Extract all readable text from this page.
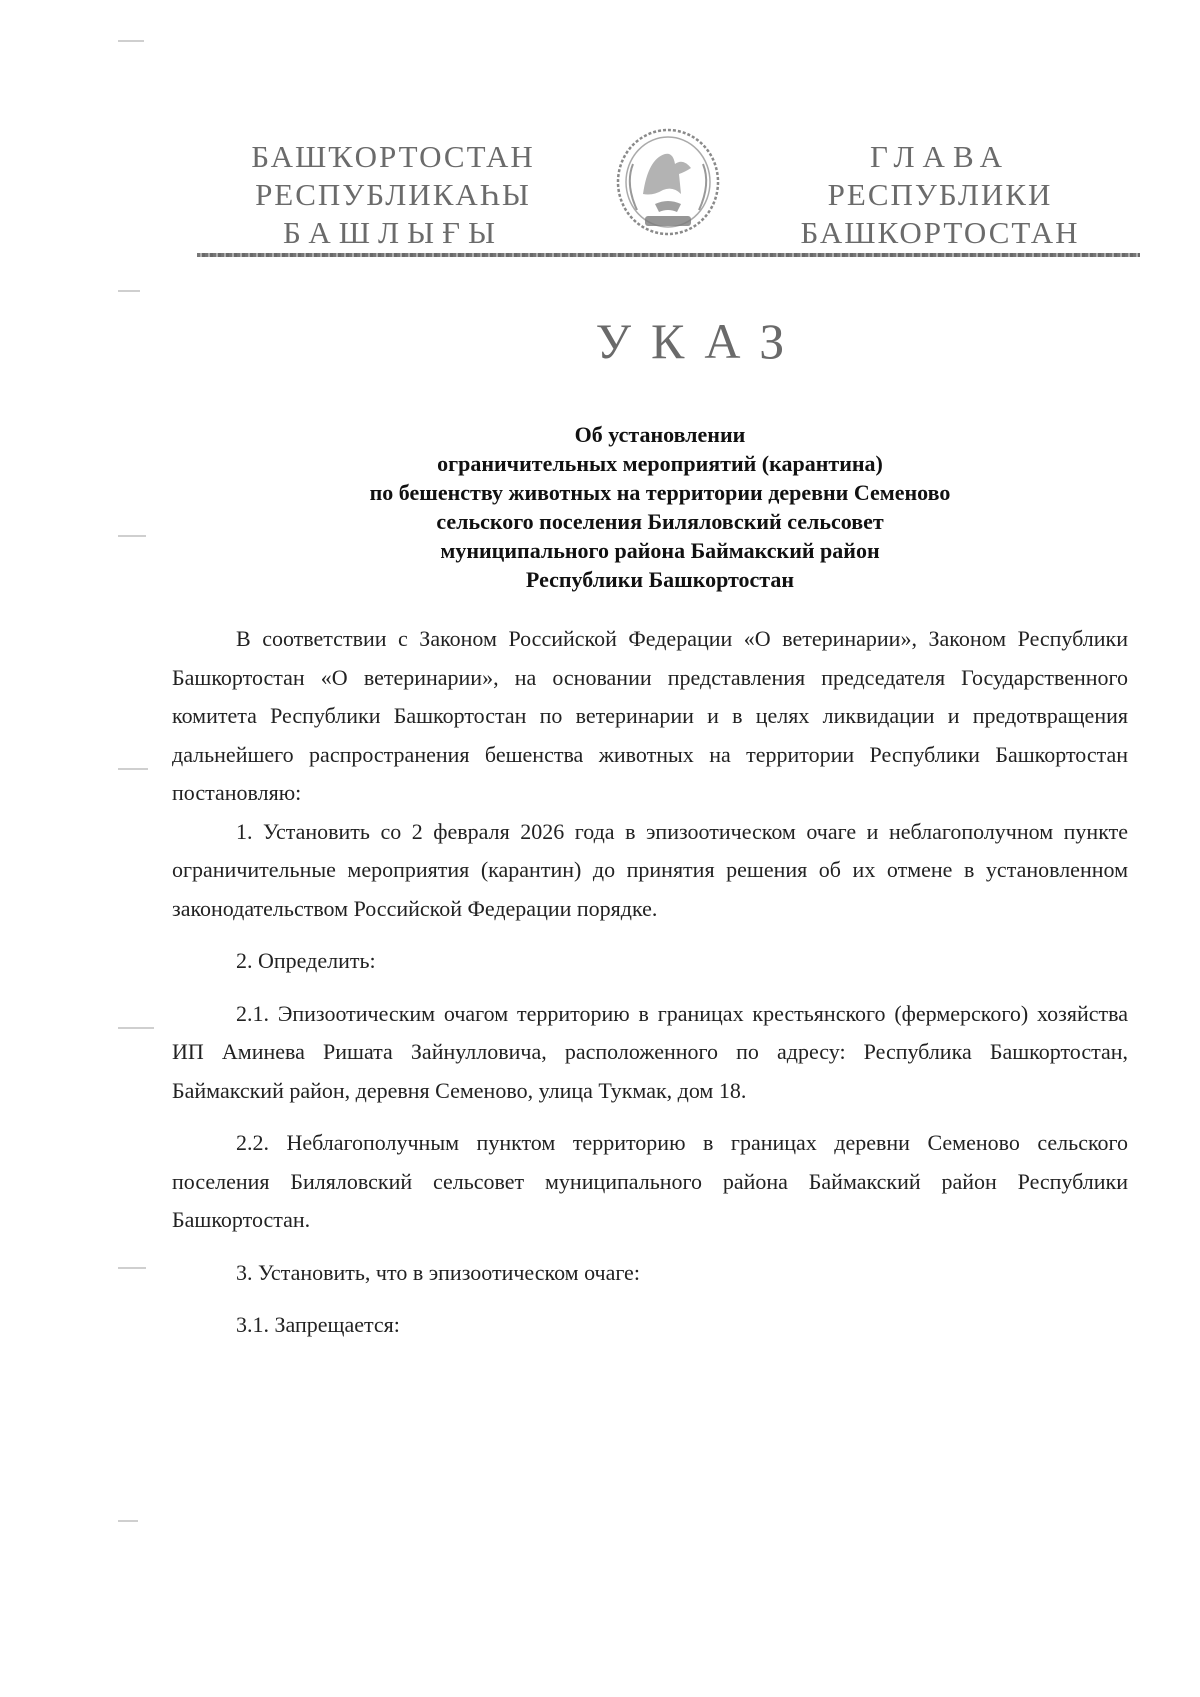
БАШҠОРТОСТАН
РЕСПУБЛИКАҺЫ
БАШЛЫҒЫ
ГЛАВА
РЕСПУБЛИКИ
БАШКОРТОСТАН
УКАЗ
Об установлении
ограничительных мероприятий (карантина)
по бешенству животных на территории деревни Семеново
сельского поселения Биляловский сельсовет
муниципального района Баймакский район
Республики Башкортостан

В соответствии с Законом Российской Федерации «О ветеринарии», Законом Республики Башкортостан «О ветеринарии», на основании представления председателя Государственного комитета Республики Башкортостан по ветеринарии и в целях ликвидации и предотвращения дальнейшего распространения бешенства животных на территории Республики Башкортостан постановляю:

1. Установить со 2 февраля 2026 года в эпизоотическом очаге и неблагополучном пункте ограничительные мероприятия (карантин) до принятия решения об их отмене в установленном законодательством Российской Федерации порядке.

2. Определить:

2.1. Эпизоотическим очагом территорию в границах крестьянского (фермерского) хозяйства ИП Аминева Ришата Зайнулловича, расположенного по адресу: Республика Башкортостан, Баймакский район, деревня Семеново, улица Тукмак, дом 18.

2.2. Неблагополучным пунктом территорию в границах деревни Семеново сельского поселения Биляловский сельсовет муниципального района Баймакский район Республики Башкортостан.

3. Установить, что в эпизоотическом очаге:

3.1. Запрещается:
